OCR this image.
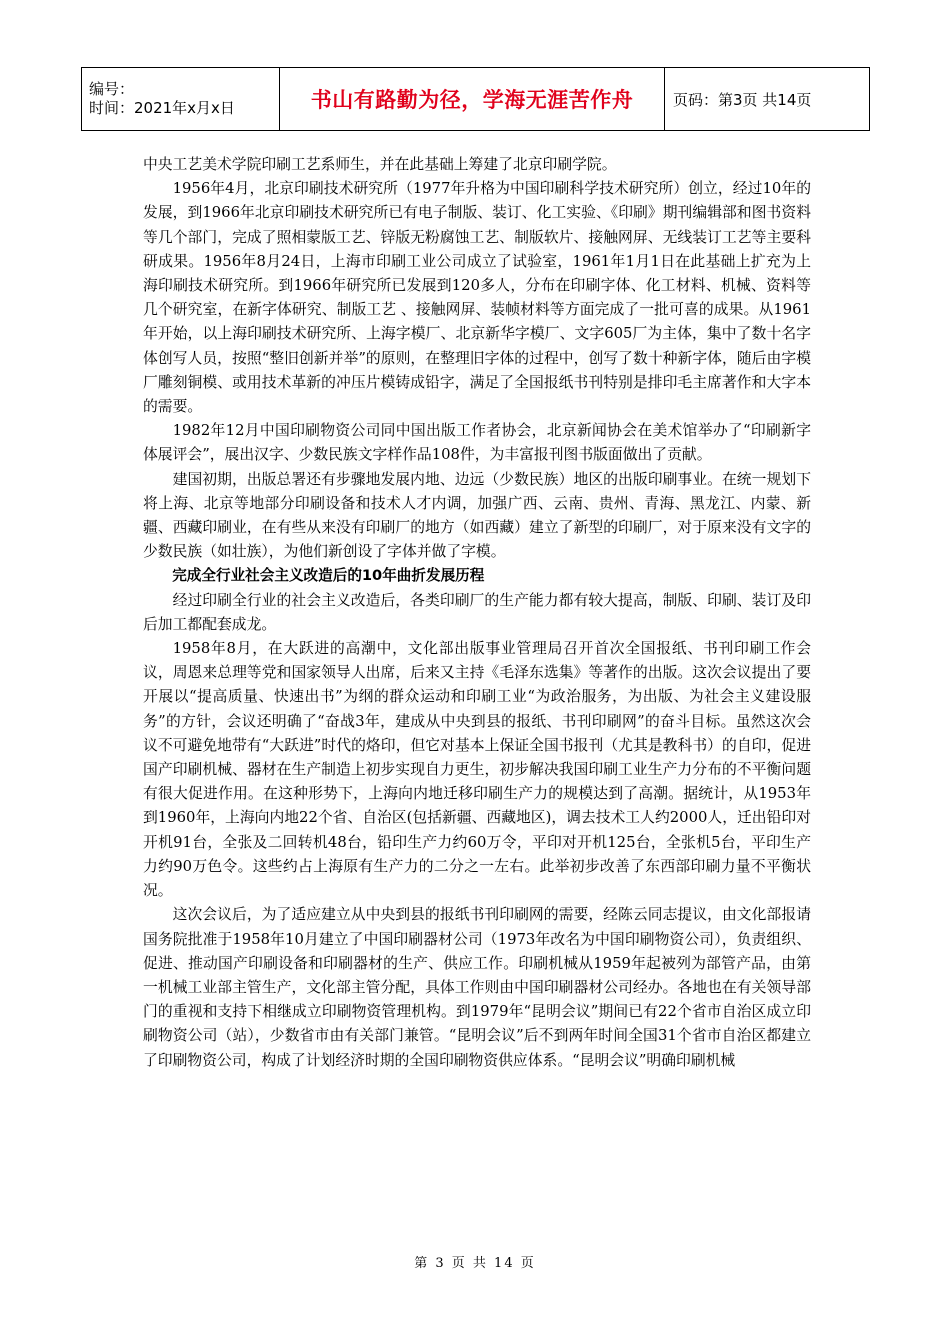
编号：
时间：2021年x月x日	书山有路勤为径，学海无涯苦作舟	页码：第3页 共14页

中央工艺美术学院印刷工艺系师生，并在此基础上筹建了北京印刷学院。

1956年4月，北京印刷技术研究所（1977年升格为中国印刷科学技术研究所）创立，经过10年的发展，到1966年北京印刷技术研究所已有电子制版、装订、化工实验、《印刷》期刊编辑部和图书资料等几个部门，完成了照相蒙版工艺、锌版无粉腐蚀工艺、制版软片、接触网屏、无线装订工艺等主要科研成果。1956年8月24日，上海市印刷工业公司成立了试验室，1961年1月1日在此基础上扩充为上海印刷技术研究所。到1966年研究所已发展到120多人，分布在印刷字体、化工材料、机械、资料等几个研究室，在新字体研究、制版工艺 、接触网屏、装帧材料等方面完成了一批可喜的成果。从1961年开始，以上海印刷技术研究所、上海字模厂、北京新华字模厂、文字605厂为主体，集中了数十名字体创写人员，按照“整旧创新并举”的原则，在整理旧字体的过程中，创写了数十种新字体，随后由字模厂雕刻铜模、或用技术革新的冲压片模铸成铅字，满足了全国报纸书刊特别是排印毛主席著作和大字本的需要。

1982年12月中国印刷物资公司同中国出版工作者协会，北京新闻协会在美术馆举办了“印刷新字体展评会”，展出汉字、少数民族文字样作品108件，为丰富报刊图书版面做出了贡献。

建国初期，出版总署还有步骤地发展内地、边远（少数民族）地区的出版印刷事业。在统一规划下将上海、北京等地部分印刷设备和技术人才内调，加强广西、云南、贵州、青海、黑龙江、内蒙、新疆、西藏印刷业，在有些从来没有印刷厂的地方（如西藏）建立了新型的印刷厂，对于原来没有文字的少数民族（如壮族），为他们新创设了字体并做了字模。

完成全行业社会主义改造后的10年曲折发展历程

经过印刷全行业的社会主义改造后，各类印刷厂的生产能力都有较大提高，制版、印刷、装订及印后加工都配套成龙。

1958年8月，在大跃进的高潮中，文化部出版事业管理局召开首次全国报纸、书刊印刷工作会议，周恩来总理等党和国家领导人出席，后来又主持《毛泽东选集》等著作的出版。这次会议提出了要开展以“提高质量、快速出书”为纲的群众运动和印刷工业“为政治服务，为出版、为社会主义建设服务”的方针，会议还明确了“奋战3年，建成从中央到县的报纸、书刊印刷网”的奋斗目标。虽然这次会议不可避免地带有“大跃进”时代的烙印，但它对基本上保证全国书报刊（尤其是教科书）的自印，促进国产印刷机械、器材在生产制造上初步实现自力更生，初步解决我国印刷工业生产力分布的不平衡问题有很大促进作用。在这种形势下，上海向内地迁移印刷生产力的规模达到了高潮。据统计，从1953年到1960年，上海向内地22个省、自治区(包括新疆、西藏地区)，调去技术工人约2000人，迁出铅印对开机91台，全张及二回转机48台，铅印生产力约60万令，平印对开机125台，全张机5台，平印生产力约90万色令。这些约占上海原有生产力的二分之一左右。此举初步改善了东西部印刷力量不平衡状况。

这次会议后，为了适应建立从中央到县的报纸书刊印刷网的需要，经陈云同志提议，由文化部报请国务院批准于1958年10月建立了中国印刷器材公司（1973年改名为中国印刷物资公司），负责组织、促进、推动国产印刷设备和印刷器材的生产、供应工作。印刷机械从1959年起被列为部管产品，由第一机械工业部主管生产，文化部主管分配，具体工作则由中国印刷器材公司经办。各地也在有关领导部门的重视和支持下相继成立印刷物资管理机构。到1979年“昆明会议”期间已有22个省市自治区成立印刷物资公司（站），少数省市由有关部门兼管。“昆明会议”后不到两年时间全国31个省市自治区都建立了印刷物资公司，构成了计划经济时期的全国印刷物资供应体系。“昆明会议”明确印刷机械

第 3 页 共 14 页
